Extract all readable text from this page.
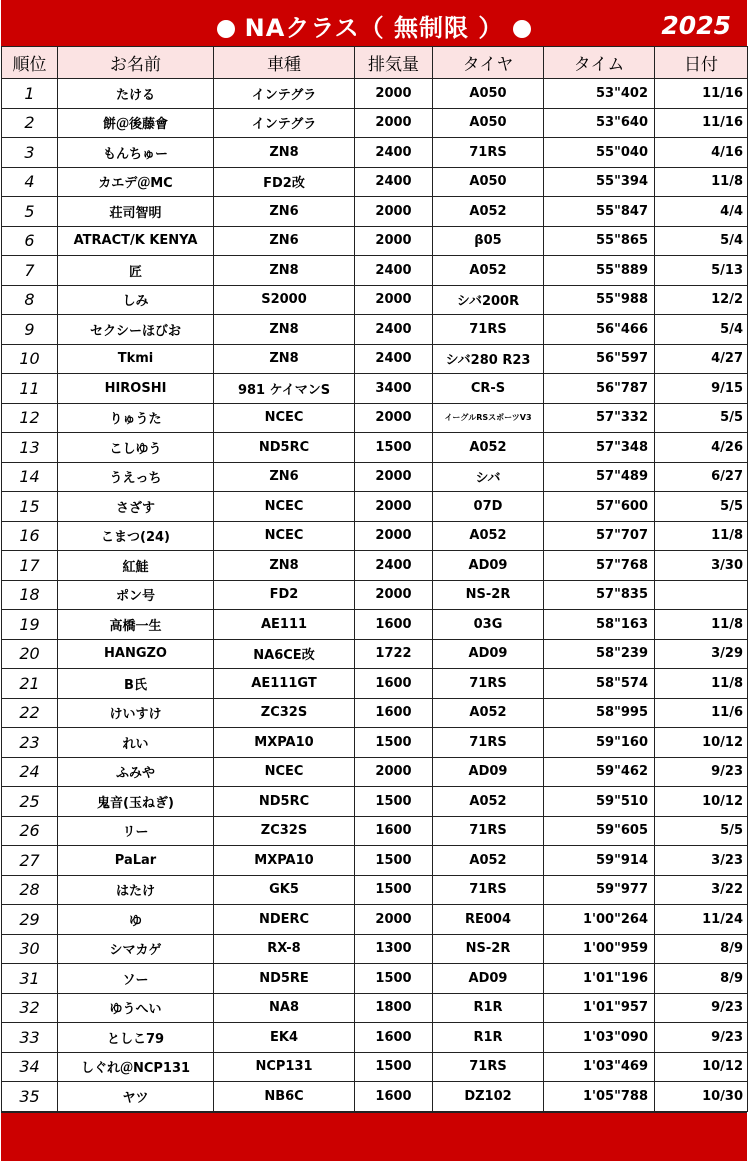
NAクラス（ 無制限 ）	2025
順位	お名前	車種	排気量	タイヤ	タイム	日付
1	たける	インテグラ	2000	A050	53"402	11/16
2	餅＠後藤會	インテグラ	2000	A050	53"640	11/16
3	もんちゅー	ZN8	2400	71RS	55"040	4/16
4	カエデ＠MC	FD2改	2400	A050	55"394	11/8
5	荘司智明	ZN6	2000	A052	55"847	4/4
6	ATRACT/K KENYA	ZN6	2000	β05	55"865	5/4
7	匠	ZN8	2400	A052	55"889	5/13
8	しみ	S2000	2000	シバ200R	55"988	12/2
9	セクシーほびお	ZN8	2400	71RS	56"466	5/4
10	Tkmi	ZN8	2400	シバ280 R23	56"597	4/27
11	HIROSHI	981 ケイマンS	3400	CR-S	56"787	9/15
12	りゅうた	NCEC	2000	イーグルRSスポーツV3	57"332	5/5
13	こしゆう	ND5RC	1500	A052	57"348	4/26
14	うえっち	ZN6	2000	シバ	57"489	6/27
15	さざす	NCEC	2000	07D	57"600	5/5
16	こまつ(24)	NCEC	2000	A052	57"707	11/8
17	紅鮭	ZN8	2400	AD09	57"768	3/30
18	ポン号	FD2	2000	NS-2R	57"835	
19	高橋一生	AE111	1600	03G	58"163	11/8
20	HANGZO	NA6CE改	1722	AD09	58"239	3/29
21	B氏	AE111GT	1600	71RS	58"574	11/8
22	けいすけ	ZC32S	1600	A052	58"995	11/6
23	れい	MXPA10	1500	71RS	59"160	10/12
24	ふみや	NCEC	2000	AD09	59"462	9/23
25	鬼音(玉ねぎ)	ND5RC	1500	A052	59"510	10/12
26	リー	ZC32S	1600	71RS	59"605	5/5
27	PaLar	MXPA10	1500	A052	59"914	3/23
28	はたけ	GK5	1500	71RS	59"977	3/22
29	ゆ	NDERC	2000	RE004	1'00"264	11/24
30	シマカゲ	RX-8	1300	NS-2R	1'00"959	8/9
31	ソー	ND5RE	1500	AD09	1'01"196	8/9
32	ゆうへい	NA8	1800	R1R	1'01"957	9/23
33	としこ79	EK4	1600	R1R	1'03"090	9/23
34	しぐれ＠NCP131	NCP131	1500	71RS	1'03"469	10/12
35	ヤツ	NB6C	1600	DZ102	1'05"788	10/30
